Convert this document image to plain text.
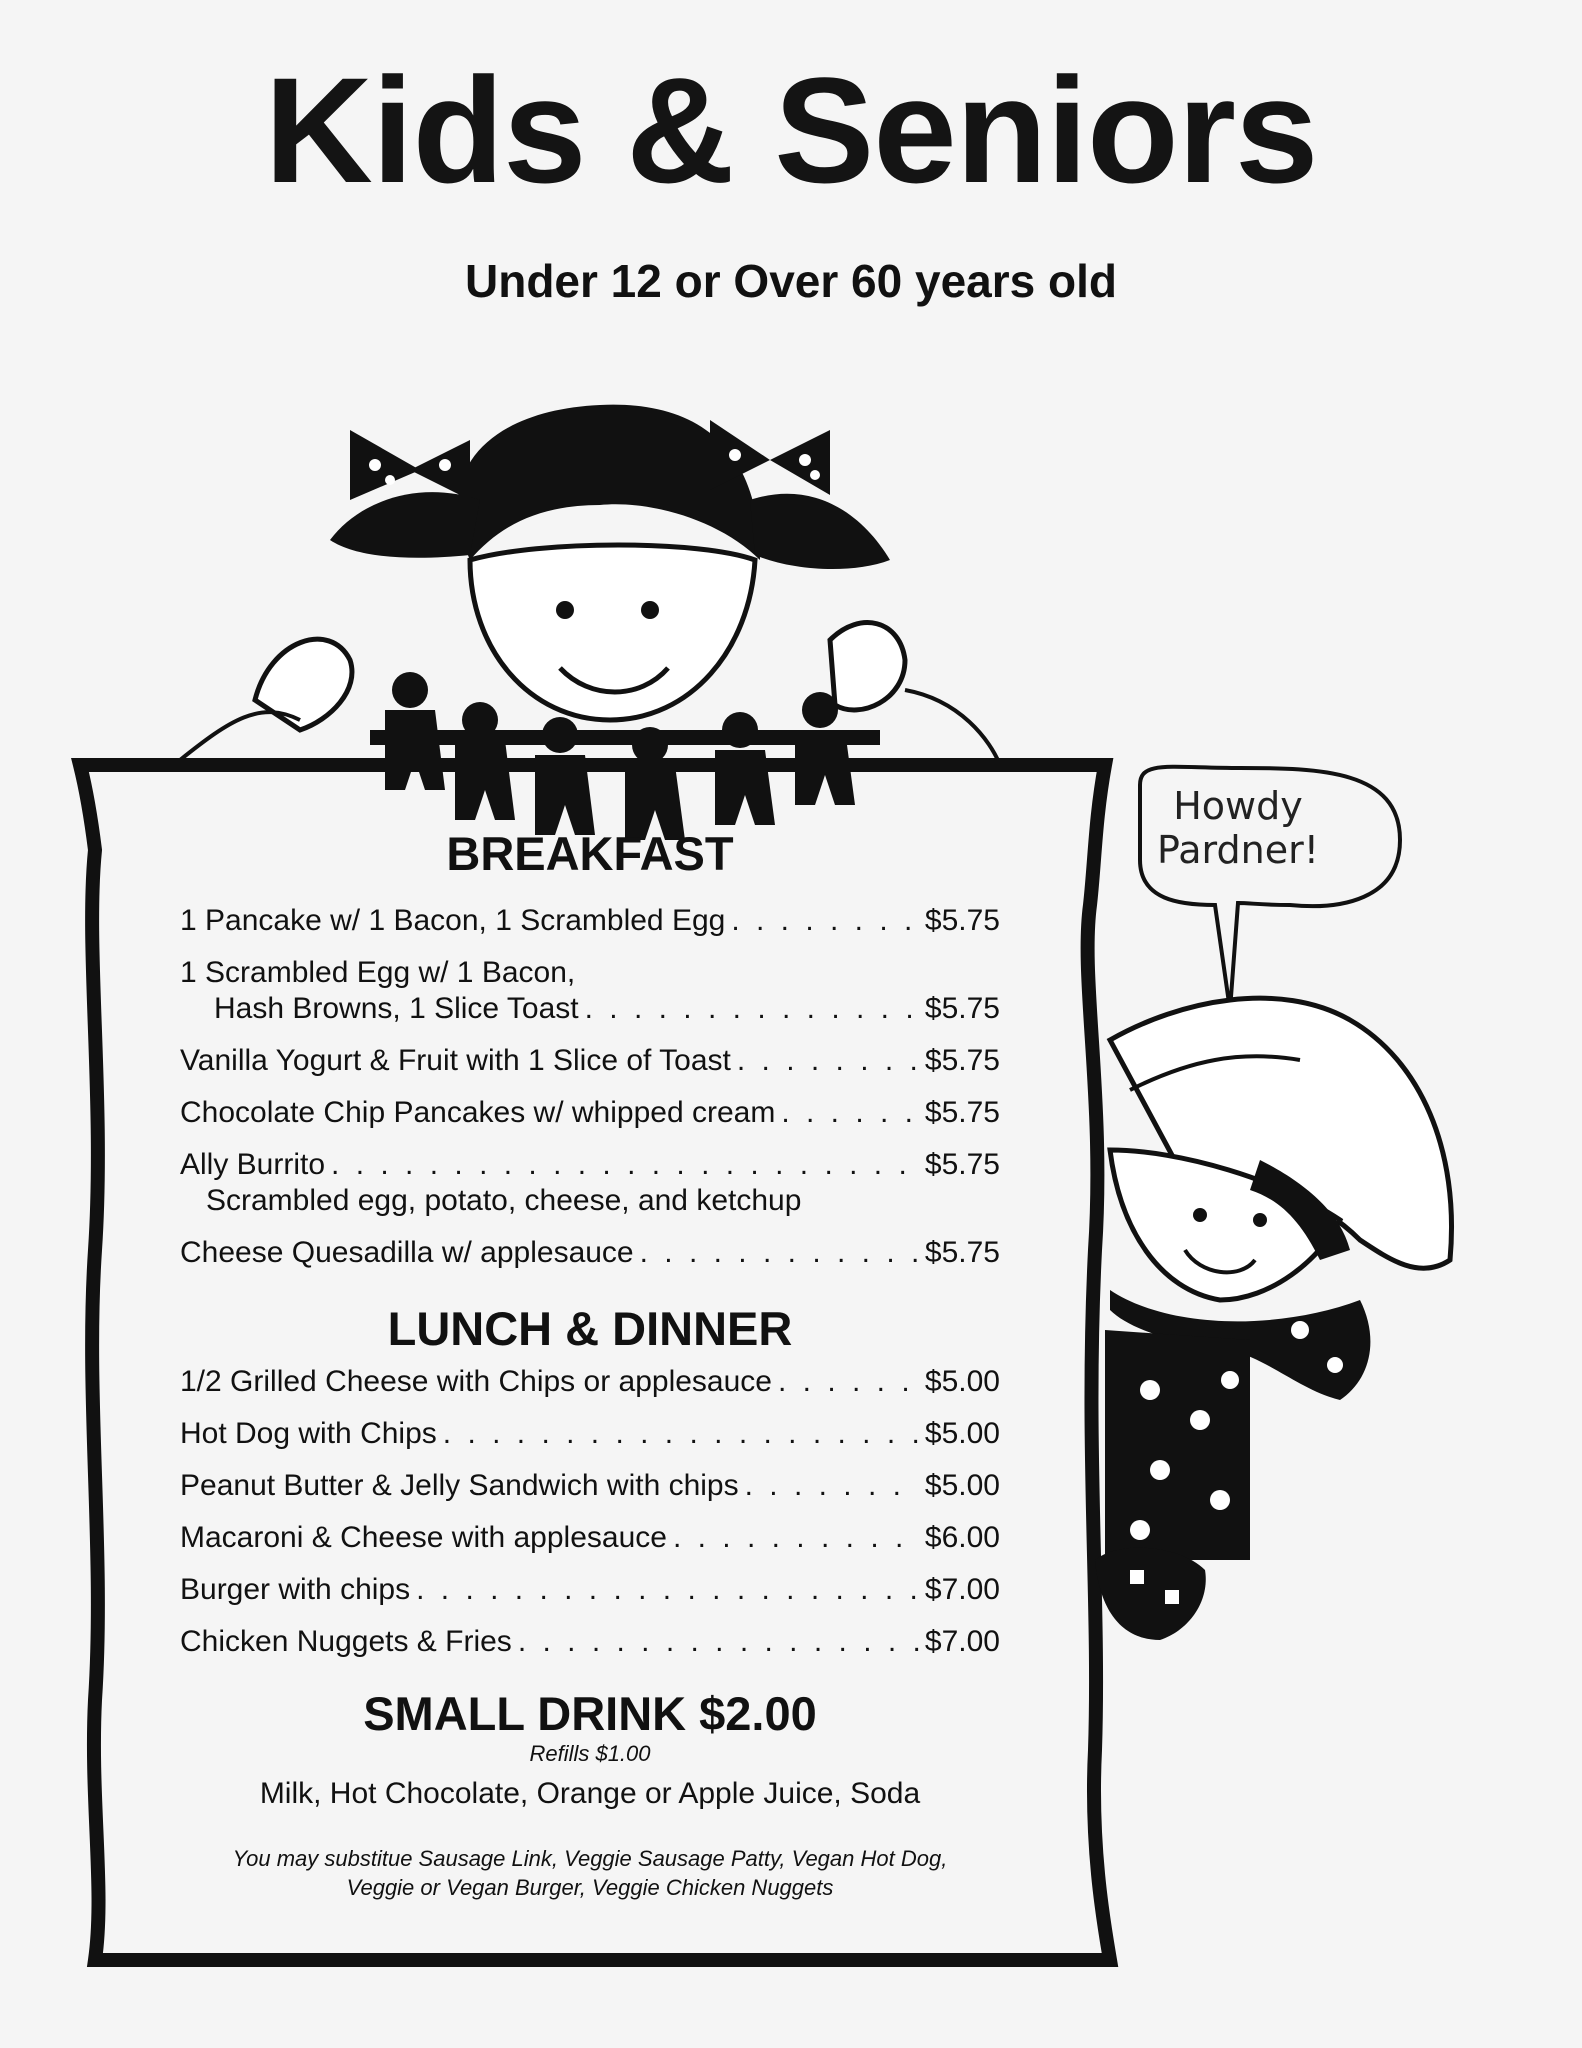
Kids & Seniors
Under 12 or Over 60 years old
Howdy
Pardner!
BREAKFAST
1 Pancake w/ 1 Bacon, 1 Scrambled Egg . . .	$5.75
1 Scrambled Egg w/ 1 Bacon,
Hash Browns, 1 Slice Toast . . .	$5.75
Vanilla Yogurt & Fruit with 1 Slice of Toast . . .	$5.75
Chocolate Chip Pancakes w/ whipped cream . . .	$5.75
Ally Burrito . . .	$5.75
Scrambled egg, potato, cheese, and ketchup
Cheese Quesadilla w/ applesauce . . .	$5.75
LUNCH & DINNER
1/2 Grilled Cheese with Chips or applesauce . . .	$5.00
Hot Dog with Chips . . .	$5.00
Peanut Butter & Jelly Sandwich with chips . . .	$5.00
Macaroni & Cheese with applesauce . . .	$6.00
Burger with chips . . .	$7.00
Chicken Nuggets & Fries . . .	$7.00
SMALL DRINK $2.00
Refills $1.00
Milk, Hot Chocolate, Orange or Apple Juice, Soda
You may substitue Sausage Link, Veggie Sausage Patty, Vegan Hot Dog,
Veggie or Vegan Burger, Veggie Chicken Nuggets
